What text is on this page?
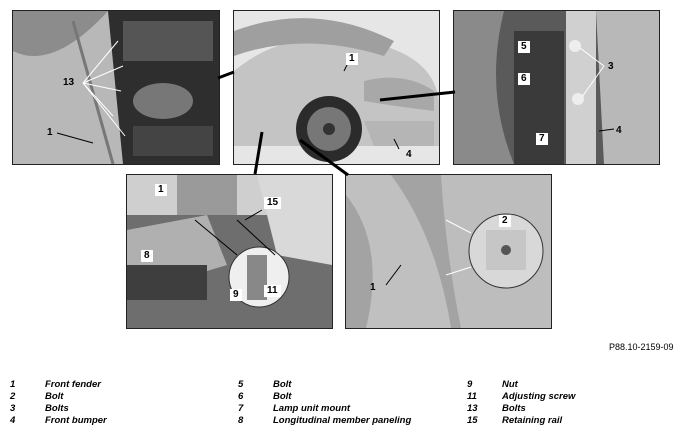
13
1
1
4
5
6
3
7
4
1
15
8
9	11
2
1
P88.10-2159-09
1	Front fender
2	Bolt
3	Bolts
4	Front bumper
5	Bolt
6	Bolt
7	Lamp unit mount
8	Longitudinal member paneling
9	Nut
11	Adjusting screw
13	Bolts
15	Retaining rail
